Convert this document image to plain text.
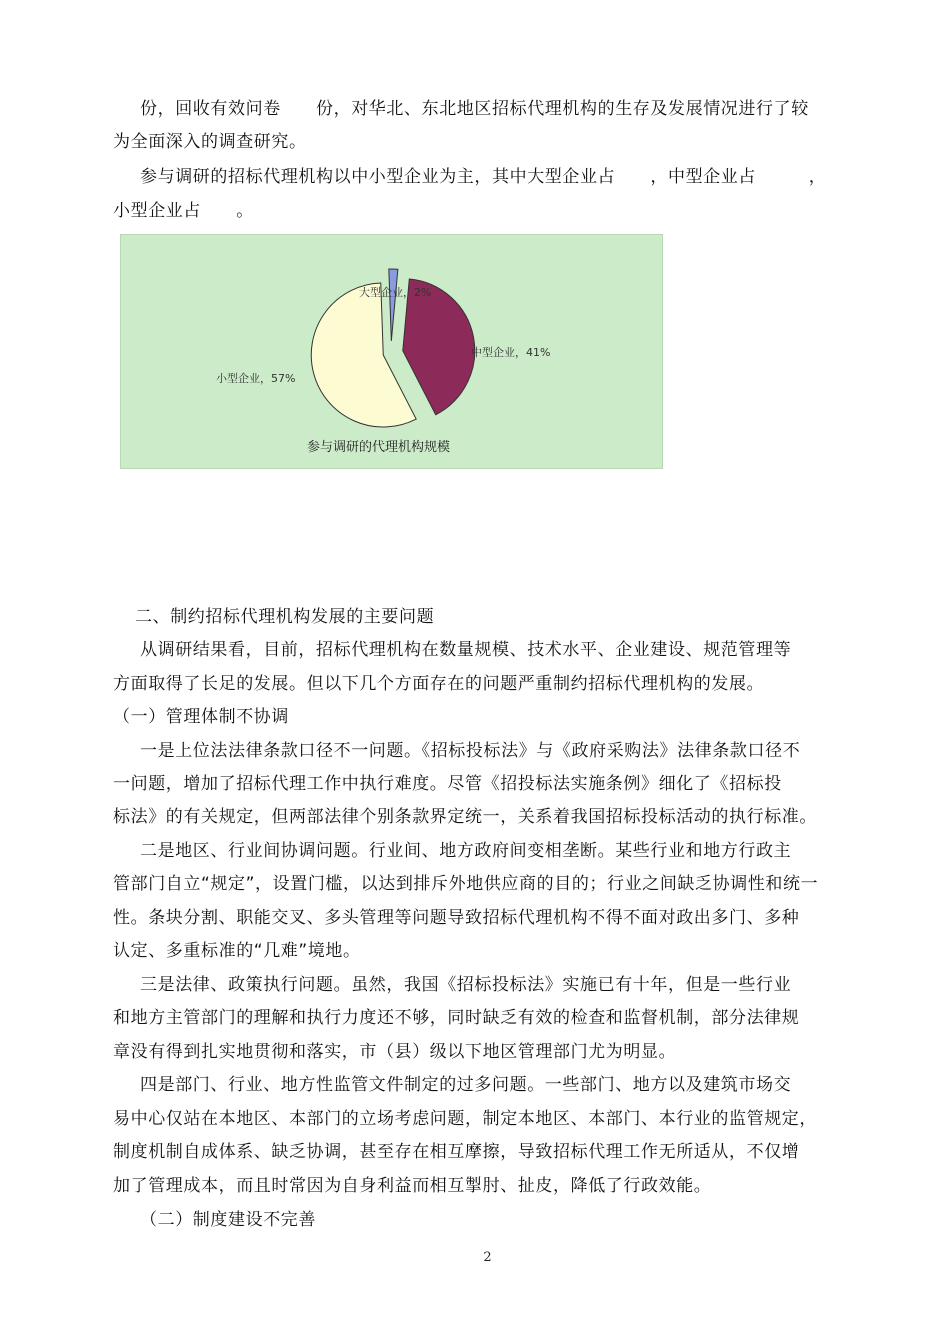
份，回收有效问卷　　份，对华北、东北地区招标代理机构的生存及发展情况进行了较
为全面深入的调查研究。
参与调研的招标代理机构以中小型企业为主，其中大型企业占　　，中型企业占　　　，
小型企业占　　。
大型企业，2%
中型企业，41%
小型企业，57%
参与调研的代理机构规模
二、制约招标代理机构发展的主要问题
从调研结果看，目前，招标代理机构在数量规模、技术水平、企业建设、规范管理等
方面取得了长足的发展。但以下几个方面存在的问题严重制约招标代理机构的发展。
（一）管理体制不协调
一是上位法法律条款口径不一问题。《招标投标法》与《政府采购法》法律条款口径不
一问题，增加了招标代理工作中执行难度。尽管《招投标法实施条例》细化了《招标投
标法》的有关规定，但两部法律个别条款界定统一，关系着我国招标投标活动的执行标准。
二是地区、行业间协调问题。行业间、地方政府间变相垄断。某些行业和地方行政主
管部门自立“规定”，设置门槛，以达到排斥外地供应商的目的；行业之间缺乏协调性和统一
性。条块分割、职能交叉、多头管理等问题导致招标代理机构不得不面对政出多门、多种
认定、多重标准的“几难”境地。
三是法律、政策执行问题。虽然，我国《招标投标法》实施已有十年，但是一些行业
和地方主管部门的理解和执行力度还不够，同时缺乏有效的检查和监督机制，部分法律规
章没有得到扎实地贯彻和落实，市（县）级以下地区管理部门尤为明显。
四是部门、行业、地方性监管文件制定的过多问题。一些部门、地方以及建筑市场交
易中心仅站在本地区、本部门的立场考虑问题，制定本地区、本部门、本行业的监管规定，
制度机制自成体系、缺乏协调，甚至存在相互摩擦，导致招标代理工作无所适从，不仅增
加了管理成本，而且时常因为自身利益而相互掣肘、扯皮，降低了行政效能。
（二）制度建设不完善
2
